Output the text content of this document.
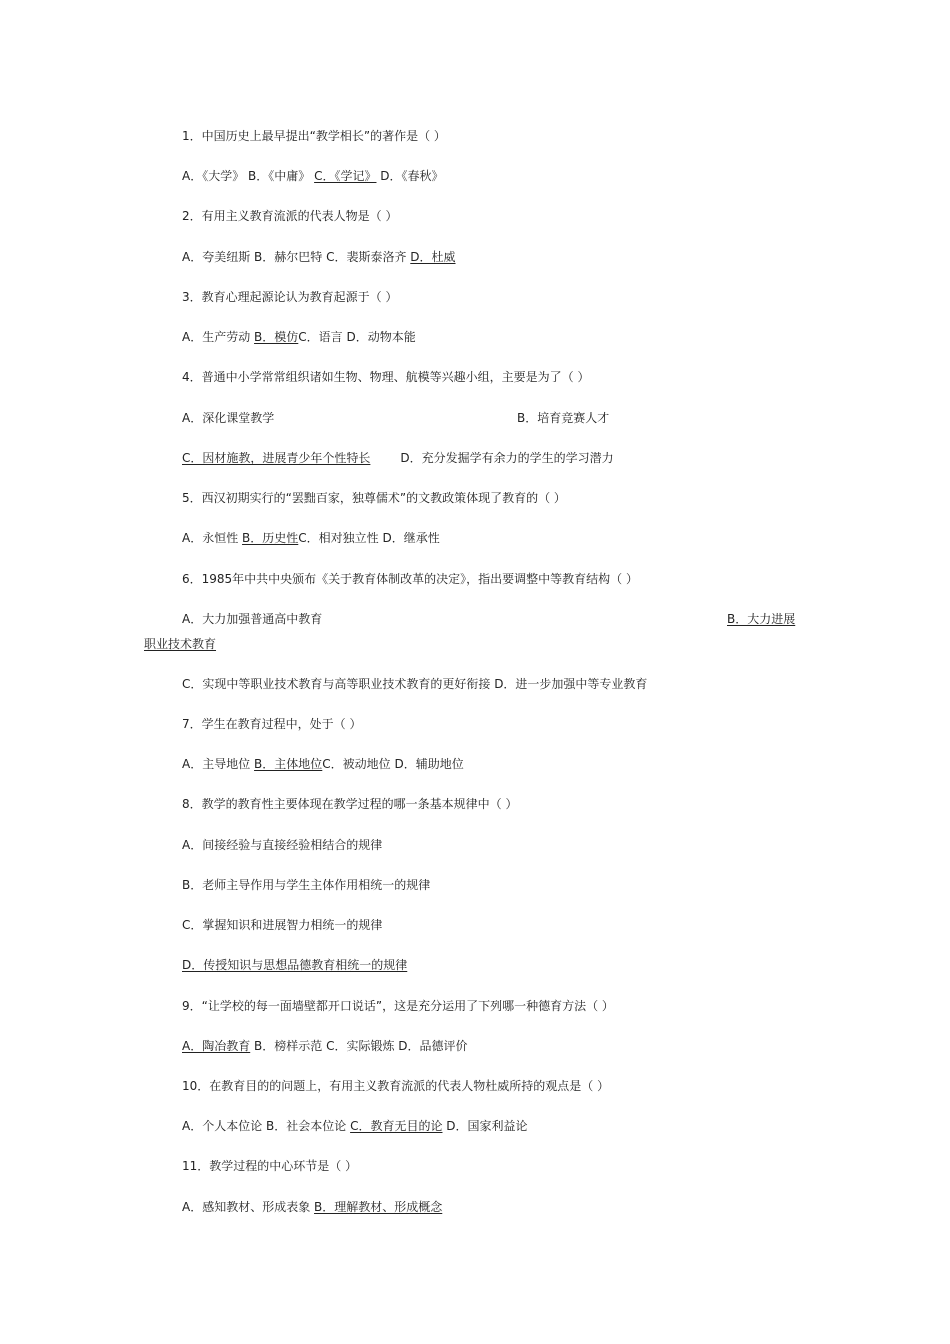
1．中国历史上最早提出“教学相长”的著作是（ ）
A．《大学》 B．《中庸》 C．《学记》 D．《春秋》
2．有用主义教育流派的代表人物是（ ）
A．夸美纽斯 B．赫尔巴特 C．裴斯泰洛齐 D．杜威
3．教育心理起源论认为教育起源于（ ）
A．生产劳动 B．模仿C．语言 D．动物本能
4．普通中小学常常组织诸如生物、物理、航模等兴趣小组，主要是为了（ ）
A．深化课堂教学	B．培育竞赛人才
C．因材施教，进展青少年个性特长	D．充分发掘学有余力的学生的学习潜力
5．西汉初期实行的“罢黜百家，独尊儒术”的文教政策体现了教育的（ ）
A．永恒性 B．历史性C．相对独立性 D．继承性
6．1985年中共中央颁布《关于教育体制改革的决定》，指出要调整中等教育结构（ ）
A．大力加强普通高中教育	B．大力进展
职业技术教育
C．实现中等职业技术教育与高等职业技术教育的更好衔接 D．进一步加强中等专业教育
7．学生在教育过程中，处于（ ）
A．主导地位 B．主体地位C．被动地位 D．辅助地位
8．教学的教育性主要体现在教学过程的哪一条基本规律中（ ）
A．间接经验与直接经验相结合的规律
B．老师主导作用与学生主体作用相统一的规律
C．掌握知识和进展智力相统一的规律
D．传授知识与思想品德教育相统一的规律
9．“让学校的每一面墙壁都开口说话”，这是充分运用了下列哪一种德育方法（ ）
A．陶冶教育 B．榜样示范 C．实际锻炼 D．品德评价
10．在教育目的的问题上，有用主义教育流派的代表人物杜威所持的观点是（ ）
A．个人本位论 B．社会本位论 C．教育无目的论 D．国家利益论
11．教学过程的中心环节是（ ）
A．感知教材、形成表象 B．理解教材、形成概念
